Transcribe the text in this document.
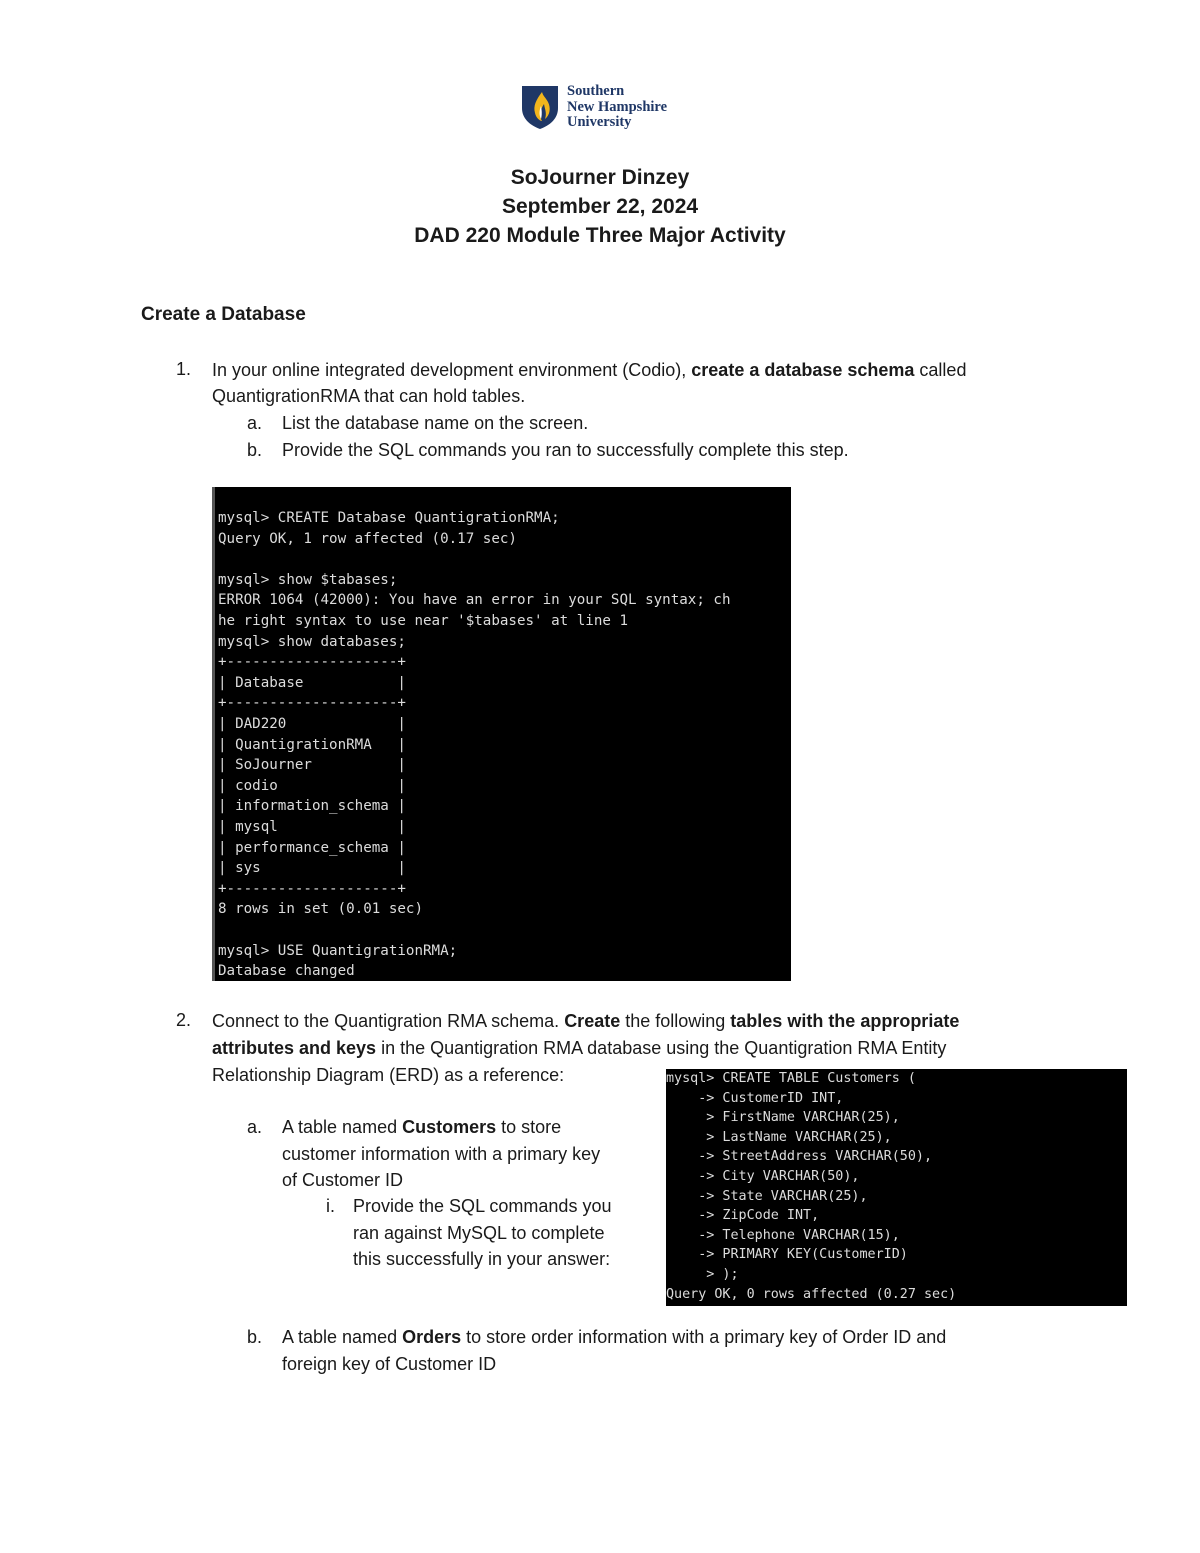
Southern
New Hampshire
University
SoJourner Dinzey
September 22, 2024
DAD 220 Module Three Major Activity
Create a Database
1. In your online integrated development environment (Codio), create a database schema called
QuantigrationRMA that can hold tables.
a. List the database name on the screen.
b. Provide the SQL commands you ran to successfully complete this step.

mysql> CREATE Database QuantigrationRMA;

Query OK, 1 row affected (0.17 sec)

mysql> show $tabases;

ERROR 1064 (42000): You have an error in your SQL syntax; ch

he right syntax to use near '$tabases' at line 1

mysql> show databases;

+--------------------+

| Database           |

+--------------------+

| DAD220             |

| QuantigrationRMA   |

| SoJourner          |

| codio              |

| information_schema |

| mysql              |

| performance_schema |

| sys                |

+--------------------+

8 rows in set (0.01 sec)

mysql> USE QuantigrationRMA;

Database changed

2. Connect to the Quantigration RMA schema. Create the following tables with the appropriate
attributes and keys in the Quantigration RMA database using the Quantigration RMA Entity
Relationship Diagram (ERD) as a reference:
a. A table named Customers to store
customer information with a primary key
of Customer ID
i. Provide the SQL commands you
ran against MySQL to complete
this successfully in your answer:

mysql> CREATE TABLE Customers (

-> CustomerID INT,

> FirstName VARCHAR(25),

> LastName VARCHAR(25),

-> StreetAddress VARCHAR(50),

-> City VARCHAR(50),

-> State VARCHAR(25),

-> ZipCode INT,

-> Telephone VARCHAR(15),

-> PRIMARY KEY(CustomerID)

> );

Query OK, 0 rows affected (0.27 sec)

b. A table named Orders to store order information with a primary key of Order ID and
foreign key of Customer ID
